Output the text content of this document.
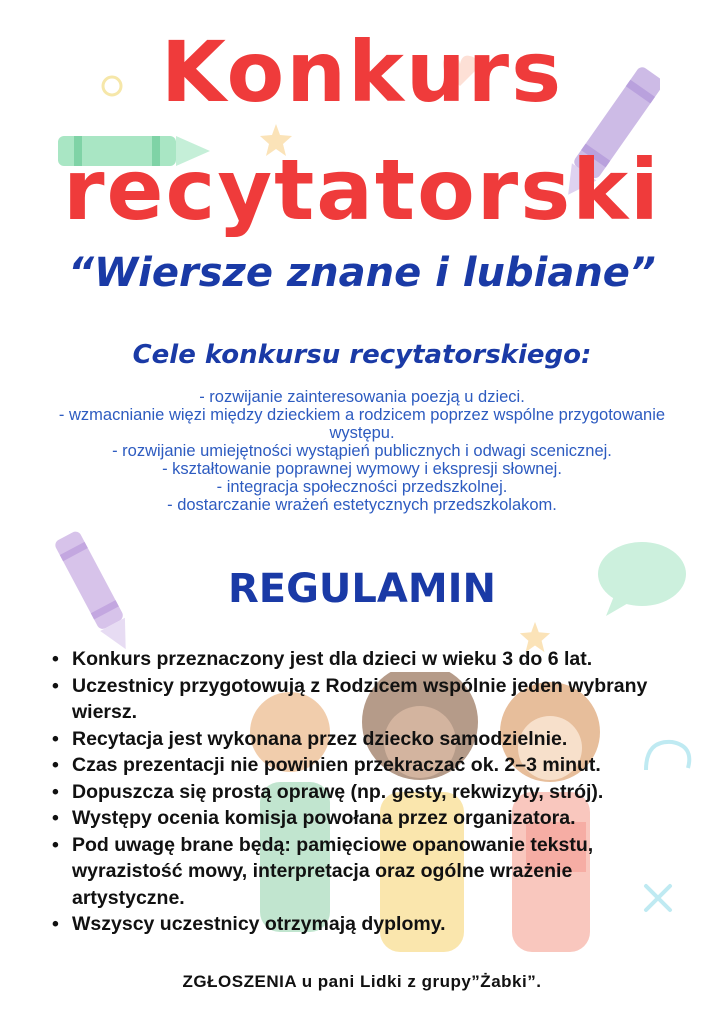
Konkurs
recytatorski
“Wiersze znane i lubiane”
Cele konkursu recytatorskiego:
- rozwijanie zainteresowania poezją u dzieci.
- wzmacnianie więzi między dzieckiem a rodzicem poprzez wspólne przygotowanie występu.
- rozwijanie umiejętności wystąpień publicznych i odwagi scenicznej.
- kształtowanie poprawnej wymowy i ekspresji słownej.
- integracja społeczności przedszkolnej.
- dostarczanie wrażeń estetycznych przedszkolakom.
REGULAMIN
• Konkurs przeznaczony jest dla dzieci w wieku 3 do 6 lat.
• Uczestnicy przygotowują z Rodzicem wspólnie jeden wybrany wiersz.
• Recytacja jest wykonana przez dziecko samodzielnie.
• Czas prezentacji nie powinien przekraczać ok. 2–3 minut.
• Dopuszcza się prostą oprawę (np. gesty, rekwizyty, strój).
• Występy ocenia komisja powołana przez organizatora.
• Pod uwagę brane będą: pamięciowe opanowanie tekstu, wyrazistość mowy, interpretacja oraz ogólne wrażenie artystyczne.
• Wszyscy uczestnicy otrzymają dyplomy.
ZGŁOSZENIA u pani Lidki z grupy”Żabki”.
